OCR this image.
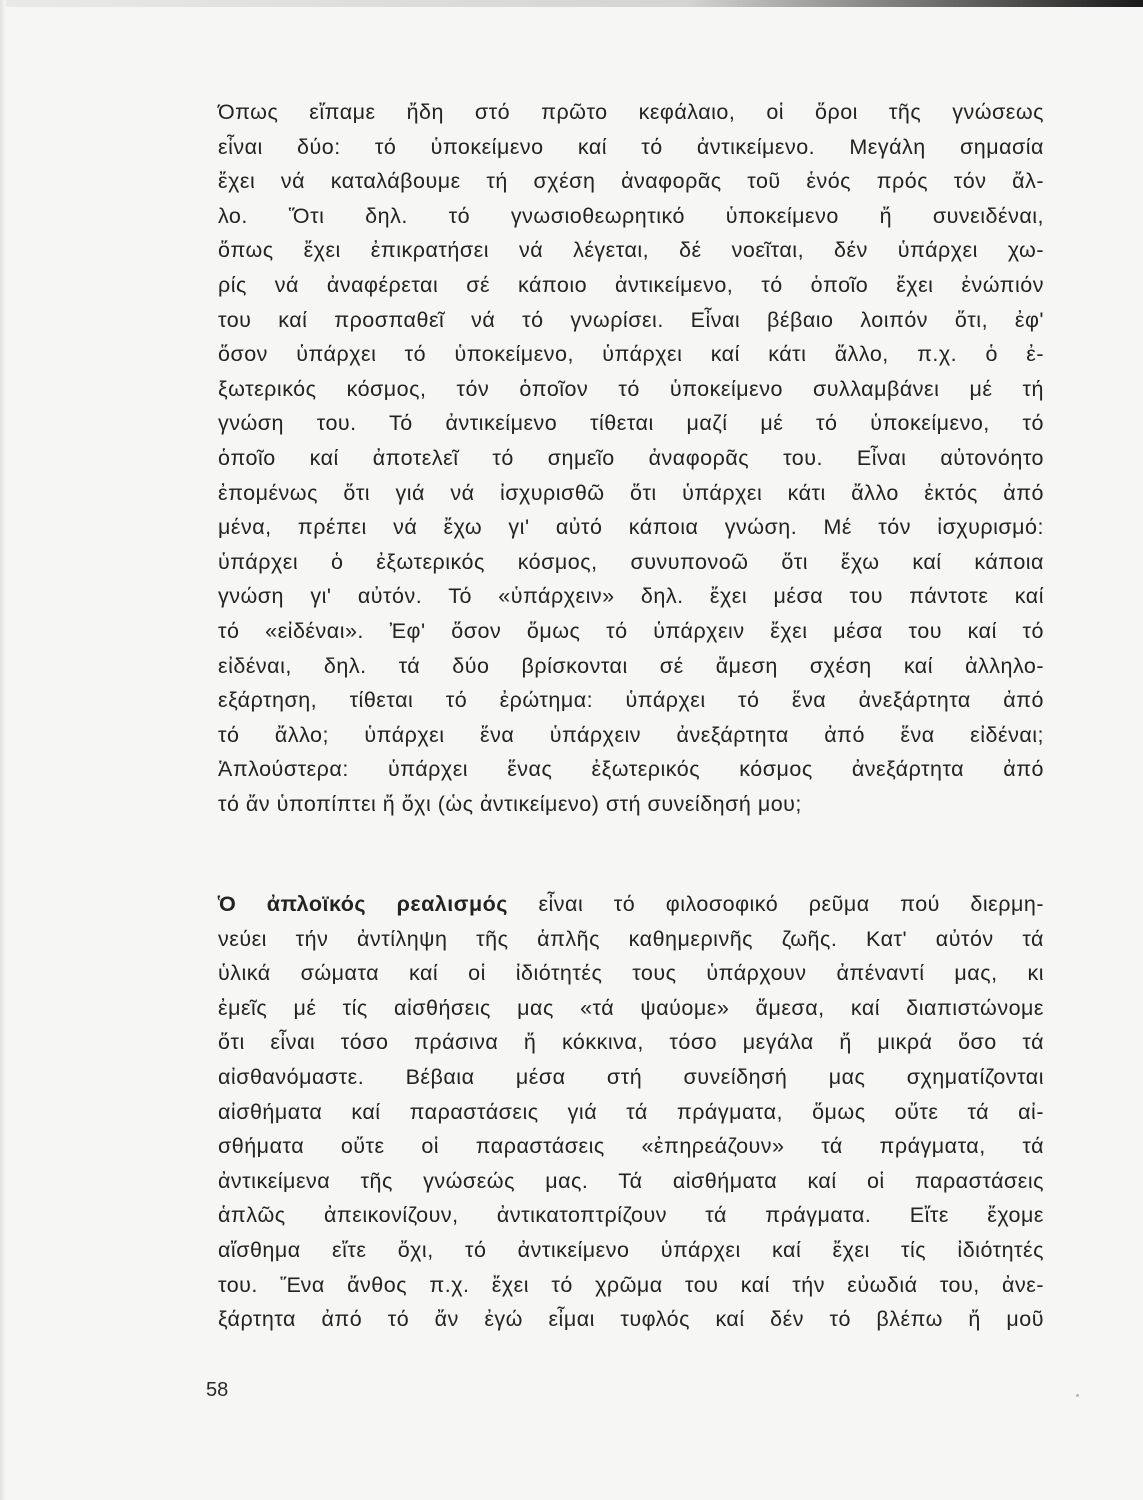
Όπως εἴπαμε ἤδη στό πρῶτο κεφάλαιο, οἱ ὅροι τῆς γνώσεως
εἶναι δύο: τό ὑποκείμενο καί τό ἀντικείμενο. Μεγάλη σημασία
ἔχει νά καταλάβουμε τή σχέση ἀναφορᾶς τοῦ ἑνός πρός τόν ἄλ-
λο. Ὅτι δηλ. τό γνωσιοθεωρητικό ὑποκείμενο ἤ συνειδέναι,
ὅπως ἔχει ἐπικρατήσει νά λέγεται, δέ νοεῖται, δέν ὑπάρχει χω-
ρίς νά ἀναφέρεται σέ κάποιο ἀντικείμενο, τό ὁποῖο ἔχει ἐνώπιόν
του καί προσπαθεῖ νά τό γνωρίσει. Εἶναι βέβαιο λοιπόν ὅτι, ἐφ'
ὅσον ὑπάρχει τό ὑποκείμενο, ὑπάρχει καί κάτι ἄλλο, π.χ. ὁ ἐ-
ξωτερικός κόσμος, τόν ὁποῖον τό ὑποκείμενο συλλαμβάνει μέ τή
γνώση του. Τό ἀντικείμενο τίθεται μαζί μέ τό ὑποκείμενο, τό
ὁποῖο καί ἀποτελεῖ τό σημεῖο ἀναφορᾶς του. Εἶναι αὐτονόητο
ἐπομένως ὅτι γιά νά ἰσχυρισθῶ ὅτι ὑπάρχει κάτι ἄλλο ἐκτός ἀπό
μένα, πρέπει νά ἔχω γι' αὐτό κάποια γνώση. Μέ τόν ἰσχυρισμό:
ὑπάρχει ὁ ἐξωτερικός κόσμος, συνυπονοῶ ὅτι ἔχω καί κάποια
γνώση γι' αὐτόν. Τό «ὑπάρχειν» δηλ. ἔχει μέσα του πάντοτε καί
τό «εἰδέναι». Ἐφ' ὅσον ὅμως τό ὑπάρχειν ἔχει μέσα του καί τό
εἰδέναι, δηλ. τά δύο βρίσκονται σέ ἄμεση σχέση καί ἀλληλο-
εξάρτηση, τίθεται τό ἐρώτημα: ὑπάρχει τό ἕνα ἀνεξάρτητα ἀπό
τό ἄλλο; ὑπάρχει ἕνα ὑπάρχειν ἀνεξάρτητα ἀπό ἕνα εἰδέναι;
Ἁπλούστερα: ὑπάρχει ἕνας ἐξωτερικός κόσμος ἀνεξάρτητα ἀπό
τό ἄν ὑποπίπτει ἤ ὄχι (ὡς ἀντικείμενο) στή συνείδησή μου;
Ὁ ἀπλοϊκός ρεαλισμός εἶναι τό φιλοσοφικό ρεῦμα πού διερμη-
νεύει τήν ἀντίληψη τῆς ἁπλῆς καθημερινῆς ζωῆς. Κατ' αὐτόν τά
ὑλικά σώματα καί οἱ ἰδιότητές τους ὑπάρχουν ἀπέναντί μας, κι
ἐμεῖς μέ τίς αἰσθήσεις μας «τά ψαύομε» ἄμεσα, καί διαπιστώνομε
ὅτι εἶναι τόσο πράσινα ἤ κόκκινα, τόσο μεγάλα ἤ μικρά ὅσο τά
αἰσθανόμαστε. Βέβαια μέσα στή συνείδησή μας σχηματίζονται
αἰσθήματα καί παραστάσεις γιά τά πράγματα, ὅμως οὔτε τά αἰ-
σθήματα οὔτε οἱ παραστάσεις «ἐπηρεάζουν» τά πράγματα, τά
ἀντικείμενα τῆς γνώσεώς μας. Τά αἰσθήματα καί οἱ παραστάσεις
ἁπλῶς ἀπεικονίζουν, ἀντικατοπτρίζουν τά πράγματα. Εἴτε ἔχομε
αἴσθημα εἴτε ὄχι, τό ἀντικείμενο ὑπάρχει καί ἔχει τίς ἰδιότητές
του. Ἕνα ἄνθος π.χ. ἔχει τό χρῶμα του καί τήν εὐωδιά του, ἀνε-
ξάρτητα ἀπό τό ἄν ἐγώ εἶμαι τυφλός καί δέν τό βλέπω ἤ μοῦ
58
